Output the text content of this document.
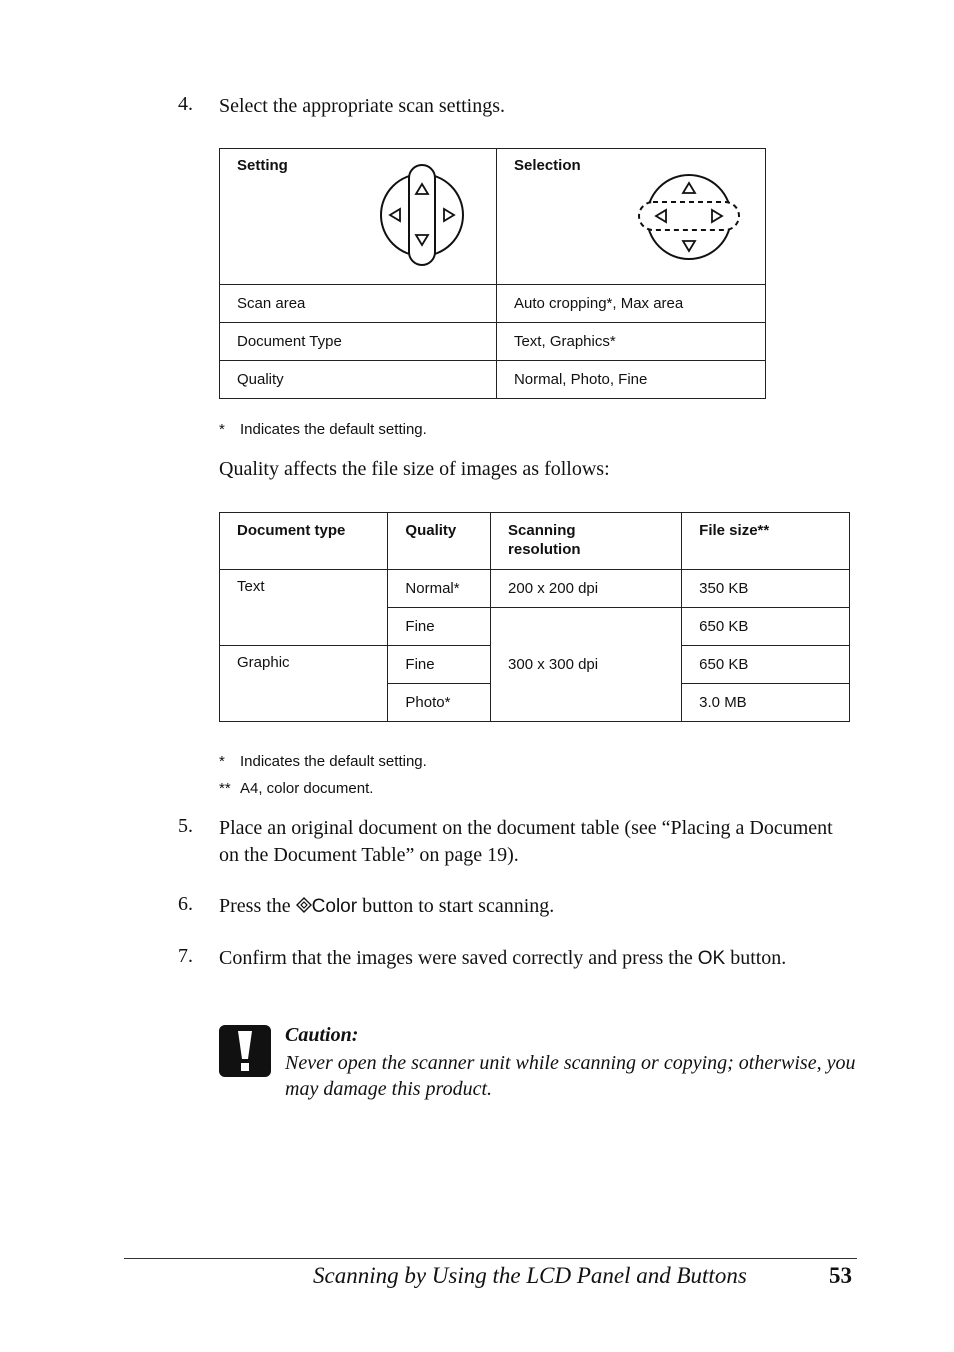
4. Select the appropriate scan settings.
Setting	Selection

Scan area	Auto cropping*, Max area
Document Type	Text, Graphics*
Quality	Normal, Photo, Fine
* Indicates the default setting.
Quality affects the file size of images as follows:
Document type	Quality	Scanning resolution	File size**
Text	Normal*	200 x 200 dpi	350 KB
	Fine	300 x 300 dpi	650 KB
Graphic	Fine		650 KB
	Photo*		3.0 MB
* Indicates the default setting.
** A4, color document.
5. Place an original document on the document table (see “Placing a Document on the Document Table” on page 19).
6. Press the Color button to start scanning.
7. Confirm that the images were saved correctly and press the OK button.
Caution:
Never open the scanner unit while scanning or copying; otherwise, you may damage this product.
Scanning by Using the LCD Panel and Buttons	53
